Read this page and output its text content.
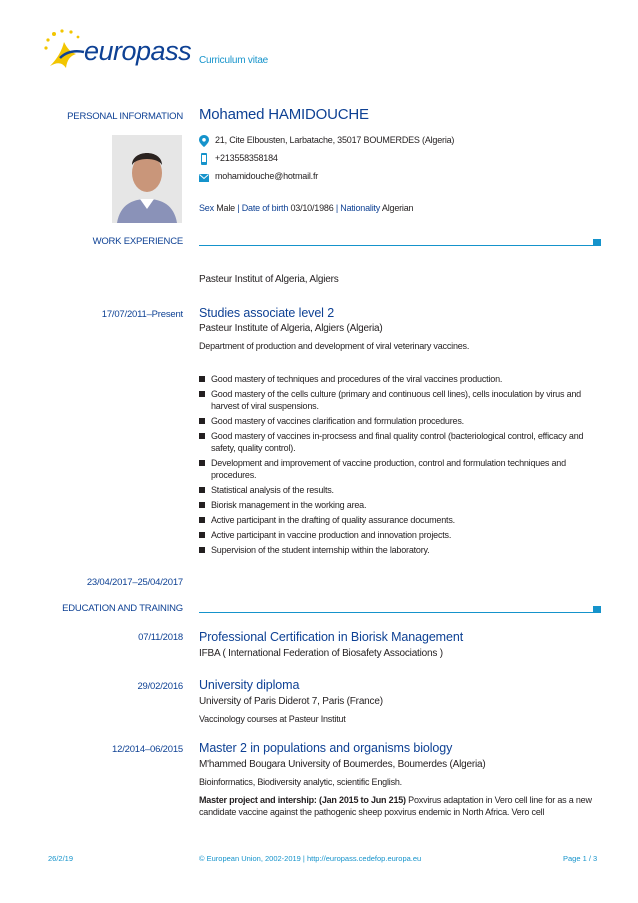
europass Curriculum vitae
PERSONAL INFORMATION Mohamed HAMIDOUCHE
21, Cite Elbousten, Larbatache, 35017 BOUMERDES (Algeria)
+213558358184
mohamidouche@hotmail.fr
Sex Male | Date of birth 03/10/1986 | Nationality Algerian
WORK EXPERIENCE
Pasteur Institut of Algeria, Algiers
17/07/2011–Present Studies associate level 2
Pasteur Institute of Algeria, Algiers (Algeria)
Department of production and development of viral veterinary vaccines.
Good mastery of techniques and procedures of the viral vaccines production.
Good mastery of the cells culture (primary and continuous cell lines), cells inoculation by virus and harvest of viral suspensions.
Good mastery of vaccines clarification and formulation procedures.
Good mastery of vaccines in-procsess and final quality control (bacteriological control, efficacy and safety, quality control).
Development and improvement of vaccine production, control and formulation techniques and procedures.
Statistical analysis of the results.
Biorisk management in the working area.
Active participant in the drafting of quality assurance documents.
Active participant in vaccine production and innovation projects.
Supervision of the student internship within the laboratory.
23/04/2017–25/04/2017
EDUCATION AND TRAINING
07/11/2018 Professional Certification in Biorisk Management
IFBA ( International Federation of Biosafety Associations )
29/02/2016 University diploma
University of Paris Diderot 7, Paris (France)
Vaccinology courses at Pasteur Institut
12/2014–06/2015 Master 2 in populations and organisms biology
M'hammed Bougara University of Boumerdes, Boumerdes (Algeria)
Bioinformatics, Biodiversity analytic, scientific English.
Master project and intership: (Jan 2015 to Jun 215) Poxvirus adaptation in Vero cell line for as a new candidate vaccine against the pathogenic sheep poxvirus endemic in North Africa. Vero cell
26/2/19	© European Union, 2002-2019 | http://europass.cedefop.europa.eu	Page 1 / 3
